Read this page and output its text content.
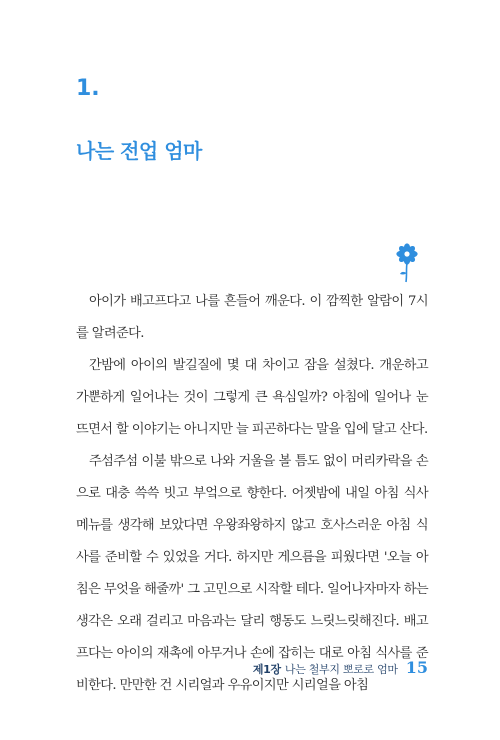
1.
나는 전업 엄마

아이가 배고프다고 나를 흔들어 깨운다. 이 깜찍한 알람이 7시를 알려준다.

간밤에 아이의 발길질에 몇 대 차이고 잠을 설쳤다. 개운하고 가뿐하게 일어나는 것이 그렇게 큰 욕심일까? 아침에 일어나 눈 뜨면서 할 이야기는 아니지만 늘 피곤하다는 말을 입에 달고 산다.

주섬주섬 이불 밖으로 나와 거울을 볼 틈도 없이 머리카락을 손으로 대충 쓱쓱 빗고 부엌으로 향한다. 어젯밤에 내일 아침 식사 메뉴를 생각해 보았다면 우왕좌왕하지 않고 호사스러운 아침 식사를 준비할 수 있었을 거다. 하지만 게으름을 피웠다면 '오늘 아침은 무엇을 해줄까' 그 고민으로 시작할 테다. 일어나자마자 하는 생각은 오래 걸리고 마음과는 달리 행동도 느릿느릿해진다. 배고프다는 아이의 재촉에 아무거나 손에 잡히는 대로 아침 식사를 준비한다. 만만한 건 시리얼과 우유이지만 시리얼을 아침

제1장 나는 철부지 뽀로로 엄마 15
